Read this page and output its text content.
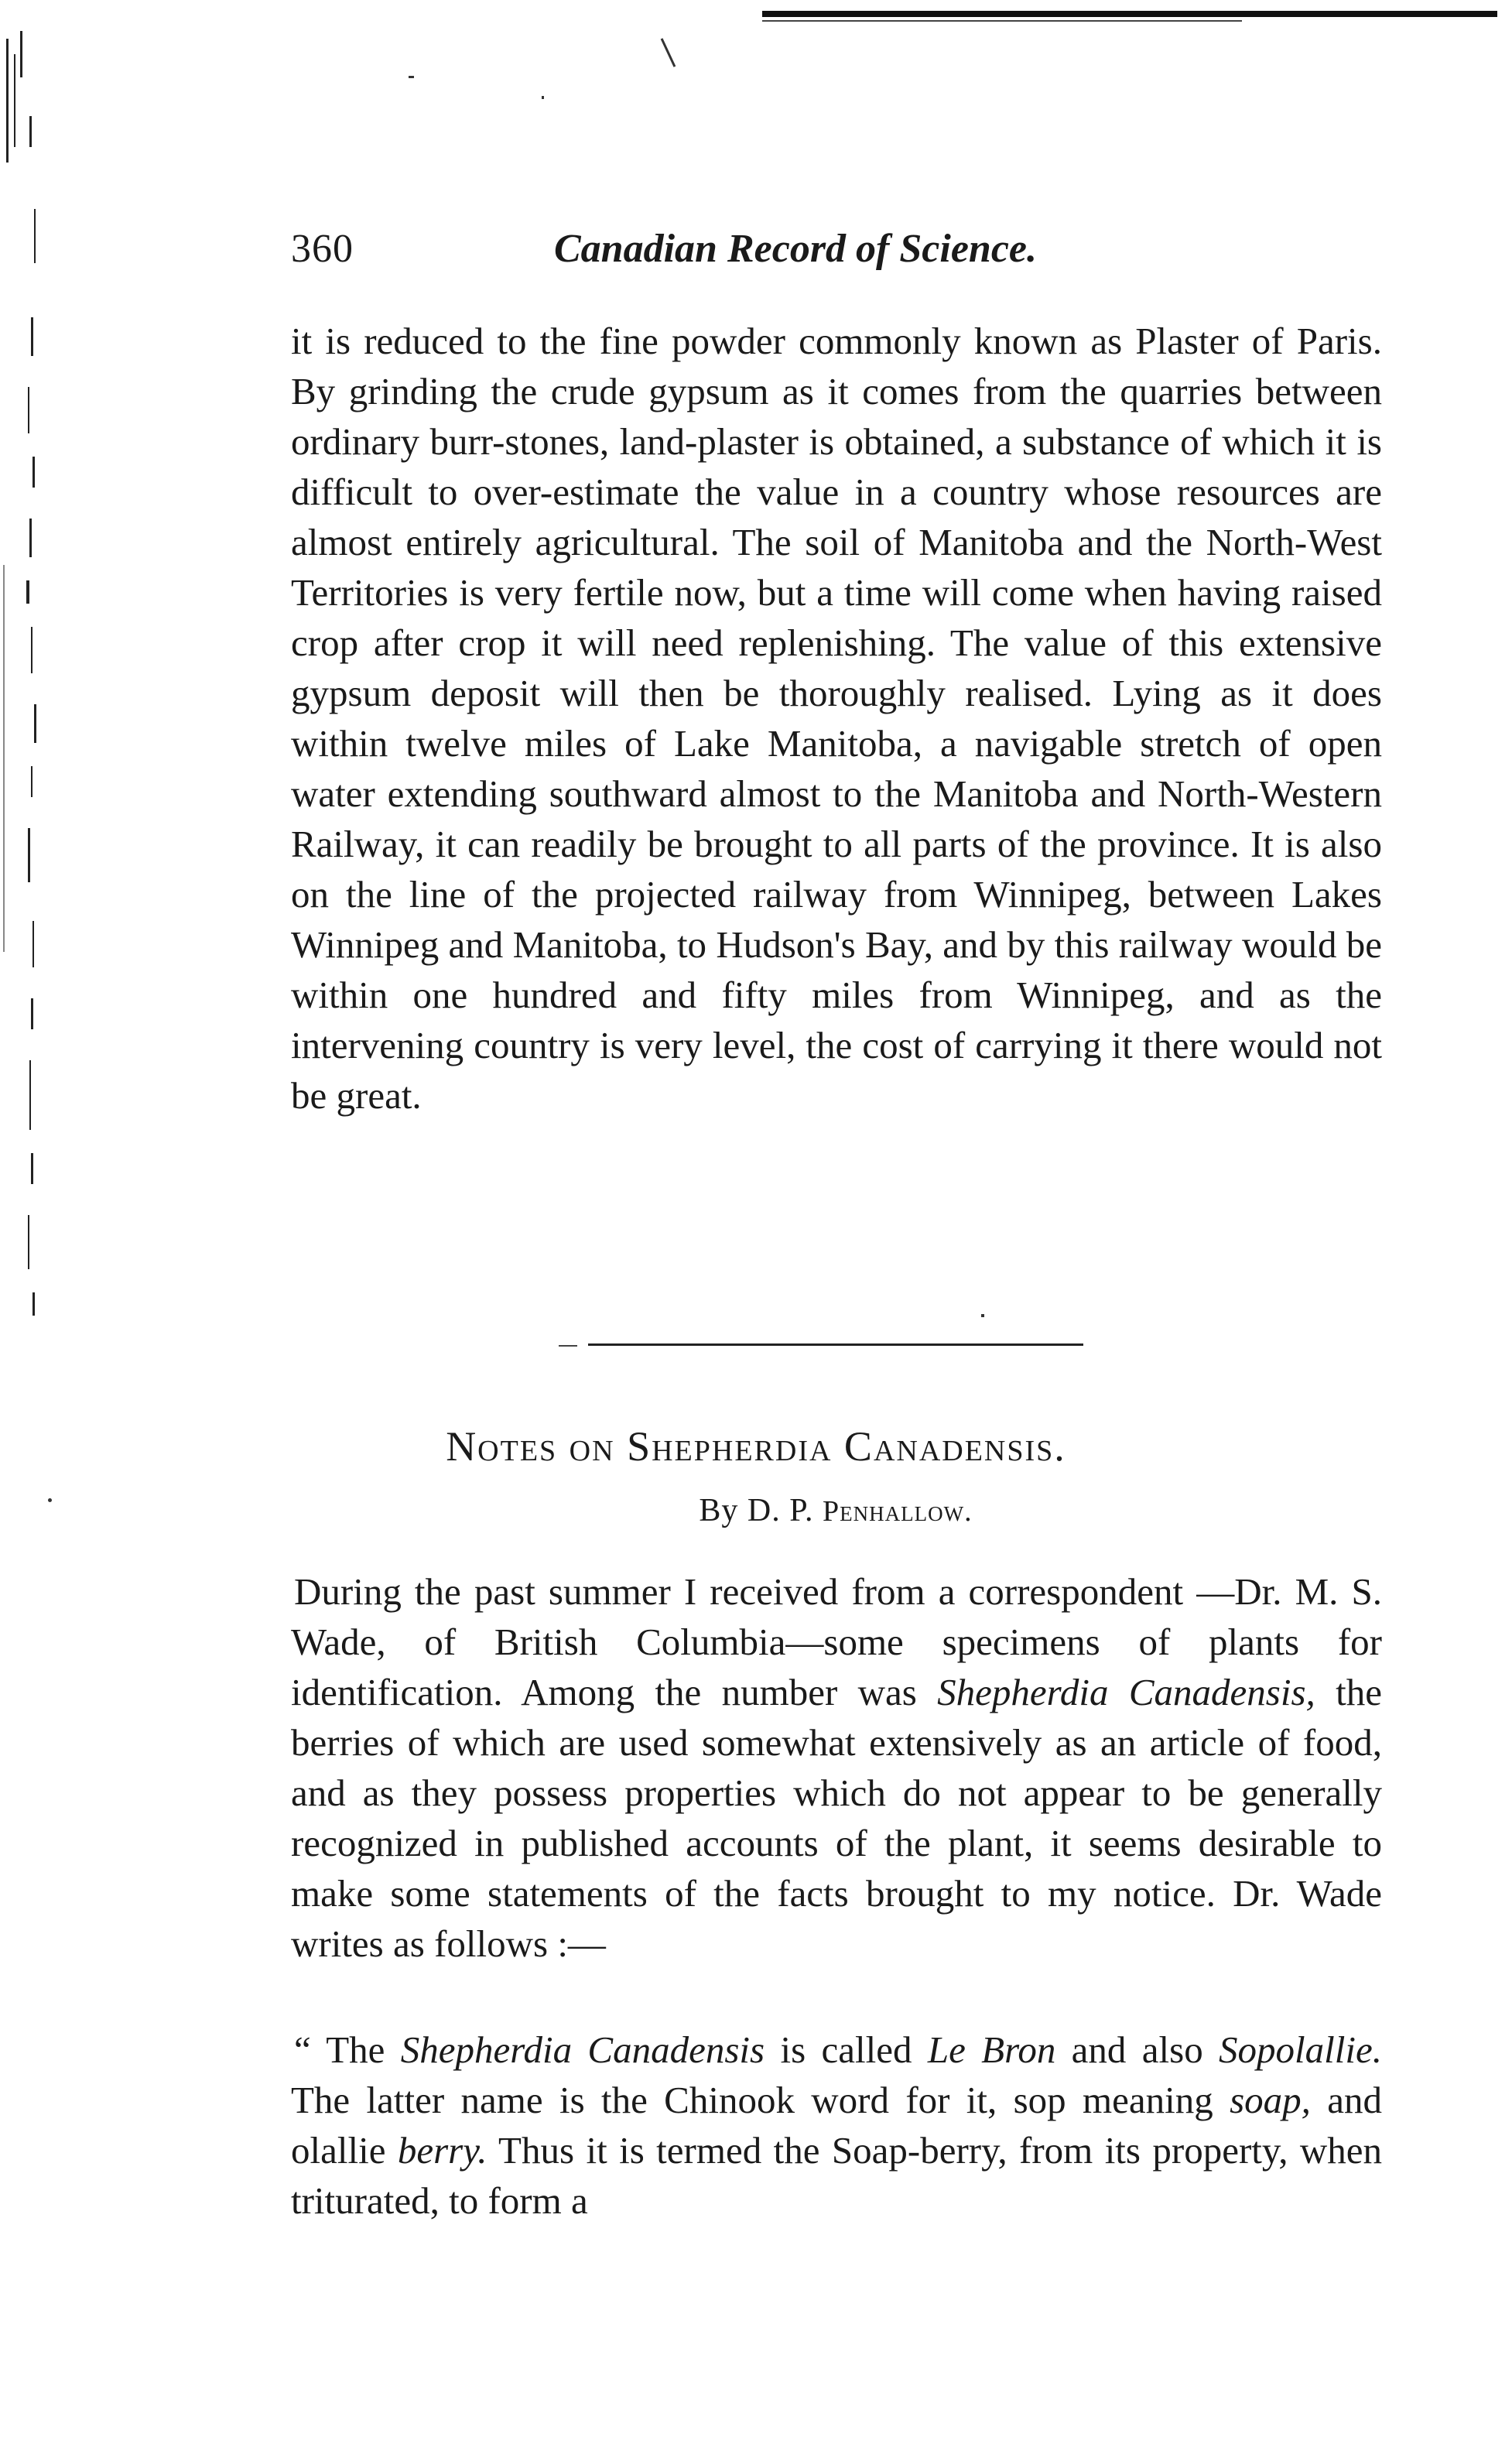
360	Canadian Record of Science.

it is reduced to the fine powder commonly known as Plaster of Paris. By grinding the crude gypsum as it comes from the quarries between ordinary burr-stones, land-plaster is obtained, a substance of which it is difficult to over-estimate the value in a country whose resources are almost entirely agricultural. The soil of Manitoba and the North-West Territories is very fertile now, but a time will come when having raised crop after crop it will need replenishing. The value of this extensive gypsum deposit will then be thoroughly realised. Lying as it does within twelve miles of Lake Manitoba, a navigable stretch of open water extending southward almost to the Manitoba and North-Western Railway, it can readily be brought to all parts of the province. It is also on the line of the projected railway from Winnipeg, between Lakes Winnipeg and Manitoba, to Hudson's Bay, and by this railway would be within one hundred and fifty miles from Winnipeg, and as the intervening country is very level, the cost of carrying it there would not be great.

Notes on Shepherdia Canadensis.
By D. P. Penhallow.

During the past summer I received from a correspondent —Dr. M. S. Wade, of British Columbia—some specimens of plants for identification. Among the number was Shepherdia Canadensis, the berries of which are used somewhat extensively as an article of food, and as they possess properties which do not appear to be generally recognized in published accounts of the plant, it seems desirable to make some statements of the facts brought to my notice. Dr. Wade writes as follows :—

“ The Shepherdia Canadensis is called Le Bron and also Sopolallie. The latter name is the Chinook word for it, sop meaning soap, and olallie berry. Thus it is termed the Soap-berry, from its property, when triturated, to form a
